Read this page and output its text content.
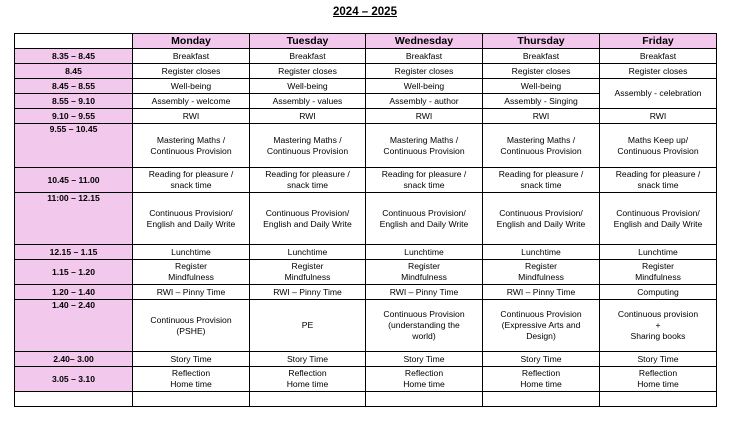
2024 – 2025
	Monday	Tuesday	Wednesday	Thursday	Friday
8.35 – 8.45	Breakfast	Breakfast	Breakfast	Breakfast	Breakfast

8.45	Register closes	Register closes	Register closes	Register closes	Register closes

8.45 – 8.55	Well-being	Well-being	Well-being	Well-being	Assembly - celebration

8.55 – 9.10	Assembly - welcome	Assembly - values	Assembly - author	Assembly - Singing	

9.10 – 9.55	RWI	RWI	RWI	RWI	RWI

9.55 – 10.45	Mastering Maths /
Continuous Provision	Mastering Maths /
Continuous Provision	Mastering Maths /
Continuous Provision	Mastering Maths /
Continuous Provision	Maths Keep up/
Continuous Provision

10.45 – 11.00	Reading for pleasure /
snack time	Reading for pleasure /
snack time	Reading for pleasure /
snack time	Reading for pleasure /
snack time	Reading for pleasure /
snack time

11:00 – 12.15	Continuous Provision/
English and Daily Write	Continuous Provision/
English and Daily Write	Continuous Provision/
English and Daily Write	Continuous Provision/
English and Daily Write	Continuous Provision/
English and Daily Write

12.15 – 1.15	Lunchtime	Lunchtime	Lunchtime	Lunchtime	Lunchtime

1.15 – 1.20	Register
Mindfulness	Register
Mindfulness	Register
Mindfulness	Register
Mindfulness	Register
Mindfulness

1.20 – 1.40	RWI – Pinny Time	RWI – Pinny Time	RWI – Pinny Time	RWI – Pinny Time	Computing

1.40 – 2.40	Continuous Provision
(PSHE)	PE	Continuous Provision
(understanding the
world)	Continuous Provision
(Expressive Arts and
Design)	Continuous provision
+
Sharing books

2.40– 3.00	Story Time	Story Time	Story Time	Story Time	Story Time

3.05 – 3.10	Reflection
Home time	Reflection
Home time	Reflection
Home time	Reflection
Home time	Reflection
Home time
